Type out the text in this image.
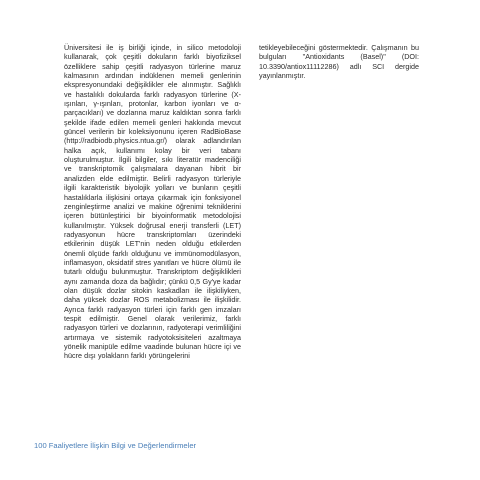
Üniversitesi ile iş birliği içinde, in silico metodoloji kullanarak, çok çeşitli dokuların farklı biyofiziksel özelliklere sahip çeşitli radyasyon türlerine maruz kalmasının ardından indüklenen memeli genlerinin ekspresyonundaki değişiklikler ele alınmıştır. Sağlıklı ve hastalıklı dokularda farklı radyasyon türlerine (X-ışınları, γ-ışınları, protonlar, karbon iyonları ve α-parçacıkları) ve dozlarına maruz kaldıktan sonra farklı şekilde ifade edilen memeli genleri hakkında mevcut güncel verilerin bir koleksiyonunu içeren RadBioBase (http://radbiodb.physics.ntua.gr/) olarak adlandırılan halka açık, kullanımı kolay bir veri tabanı oluşturulmuştur. İlgili bilgiler, sıkı literatür madenciliği ve transkriptomik çalışmalara dayanan hibrit bir analizden elde edilmiştir. Belirli radyasyon türleriyle ilgili karakteristik biyolojik yolları ve bunların çeşitli hastalıklarla ilişkisini ortaya çıkarmak için fonksiyonel zenginleştirme analizi ve makine öğrenimi tekniklerini içeren bütünleştirici bir biyoinformatik metodolojisi kullanılmıştır. Yüksek doğrusal enerji transferli (LET) radyasyonun hücre transkriptomları üzerindeki etkilerinin düşük LET'nin neden olduğu etkilerden önemli ölçüde farklı olduğunu ve immünomodülasyon, inflamasyon, oksidatif stres yanıtları ve hücre ölümü ile tutarlı olduğu bulunmuştur. Transkriptom değişiklikleri aynı zamanda doza da bağlıdır; çünkü 0,5 Gy'ye kadar olan düşük dozlar sitokin kaskadları ile ilişkiliyken, daha yüksek dozlar ROS metabolizması ile ilişkilidir. Ayrıca farklı radyasyon türleri için farklı gen imzaları tespit edilmiştir. Genel olarak verilerimiz, farklı radyasyon türleri ve dozlarının, radyoterapi verimliliğini artırmaya ve sistemik radyotoksisiteleri azaltmaya yönelik manipüle edilme vaadinde bulunan hücre içi ve hücre dışı yolakların farklı yörüngelerini

tetikleyebileceğini göstermektedir. Çalışmanın bu bulguları "Antioxidants (Basel)" (DOI: 10.3390/antiox11112286) adlı SCI dergide yayınlanmıştır.

100 Faaliyetlere İlişkin Bilgi ve Değerlendirmeler
